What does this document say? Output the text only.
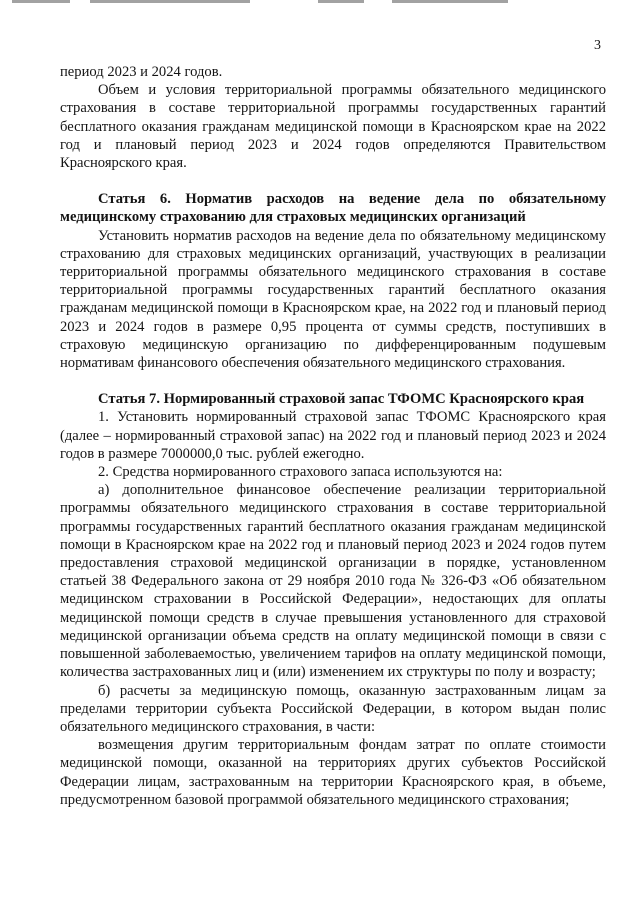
3

период 2023 и 2024 годов.

Объем и условия территориальной программы обязательного медицинского страхования в составе территориальной программы государственных гарантий бесплатного оказания гражданам медицинской помощи в Красноярском крае на 2022 год и плановый период 2023 и 2024 годов определяются Правительством Красноярского края.

Статья 6. Норматив расходов на ведение дела по обязательному медицинскому страхованию для страховых медицинских организаций

Установить норматив расходов на ведение дела по обязательному медицинскому страхованию для страховых медицинских организаций, участвующих в реализации территориальной программы обязательного медицинского страхования в составе территориальной программы государственных гарантий бесплатного оказания гражданам медицинской помощи в Красноярском крае, на 2022 год и плановый период 2023 и 2024 годов в размере 0,95 процента от суммы средств, поступивших в страховую медицинскую организацию по дифференцированным подушевым нормативам финансового обеспечения обязательного медицинского страхования.

Статья 7. Нормированный страховой запас ТФОМС Красноярского края

1. Установить нормированный страховой запас ТФОМС Красноярского края (далее – нормированный страховой запас) на 2022 год и плановый период 2023 и 2024 годов в размере 7000000,0 тыс. рублей ежегодно.

2. Средства нормированного страхового запаса используются на:

а) дополнительное финансовое обеспечение реализации территориальной программы обязательного медицинского страхования в составе территориальной программы государственных гарантий бесплатного оказания гражданам медицинской помощи в Красноярском крае на 2022 год и плановый период 2023 и 2024 годов путем предоставления страховой медицинской организации в порядке, установленном статьей 38 Федерального закона от 29 ноября 2010 года № 326-ФЗ «Об обязательном медицинском страховании в Российской Федерации», недостающих для оплаты медицинской помощи средств в случае превышения установленного для страховой медицинской организации объема средств на оплату медицинской помощи в связи с повышенной заболеваемостью, увеличением тарифов на оплату медицинской помощи, количества застрахованных лиц и (или) изменением их структуры по полу и возрасту;

б) расчеты за медицинскую помощь, оказанную застрахованным лицам за пределами территории субъекта Российской Федерации, в котором выдан полис обязательного медицинского страхования, в части:

возмещения другим территориальным фондам затрат по оплате стоимости медицинской помощи, оказанной на территориях других субъектов Российской Федерации лицам, застрахованным на территории Красноярского края, в объеме, предусмотренном базовой программой обязательного медицинского страхования;
